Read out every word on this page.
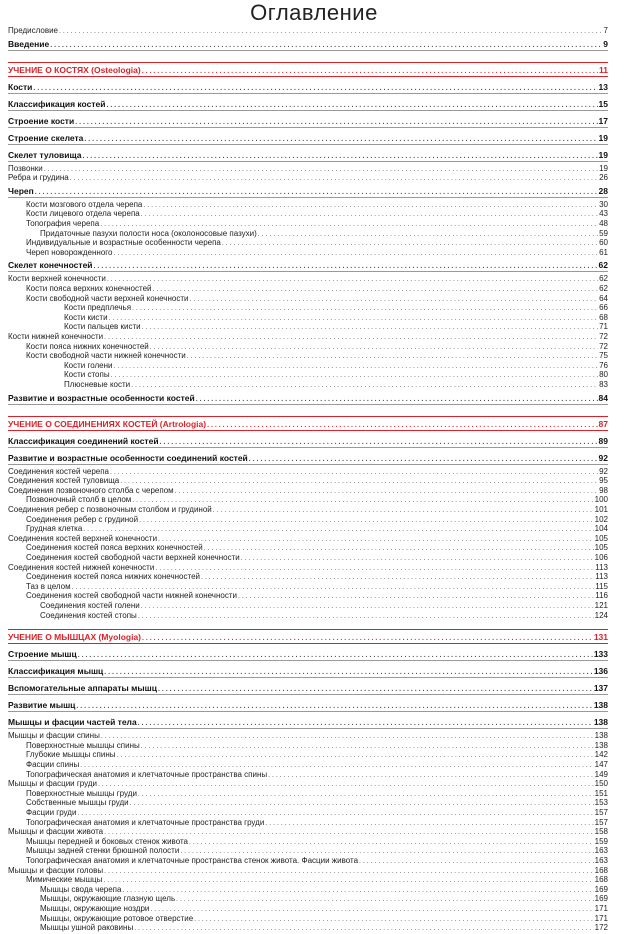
Оглавление
Предисловие . . .	7
Введение . . .	9
УЧЕНИЕ О КОСТЯХ (Osteologia) . . .	11
Кости . . .	13
Классификация костей . . .	15
Строение кости . . .	17
Строение скелета . . .	19
Скелет туловища . . .	19
Позвонки . . .	19
Ребра и грудина . . .	26
Череп . . .	28
Кости мозгового отдела черепа . . .	30
Кости лицевого отдела черепа . . .	43
Топография черепа . . .	48
Придаточные пазухи полости носа (околоносовые пазухи) . . .	59
Индивидуальные и возрастные особенности черепа . . .	60
Череп новорожденного . . .	61
Скелет конечностей . . .	62
Кости верхней конечности . . .	62
Кости пояса верхних конечностей . . .	62
Кости свободной части верхней конечности . . .	64
Кости предплечья . . .	66
Кости кисти . . .	68
Кости пальцев кисти . . .	71
Кости нижней конечности . . .	72
Кости пояса нижних конечностей . . .	72
Кости свободной части нижней конечности . . .	75
Кости голени . . .	76
Кости стопы . . .	80
Плюсневые кости . . .	83
Развитие и возрастные особенности костей . . .	84
УЧЕНИЕ О СОЕДИНЕНИЯХ КОСТЕЙ (Artrologia) . . .	87
Классификация соединений костей . . .	89
Развитие и возрастные особенности соединений костей . . .	92
Соединения костей черепа . . .	92
Соединения костей туловища . . .	95
Соединения позвоночного столба с черепом . . .	98
Позвоночный столб в целом . . .	100
Соединения ребер с позвоночным столбом и грудиной . . .	101
Соединения ребер с грудиной . . .	102
Грудная клетка . . .	104
Соединения костей верхней конечности . . .	105
Соединения костей пояса верхних конечностей . . .	105
Соединения костей свободной части верхней конечности . . .	106
Соединения костей нижней конечности . . .	113
Соединения костей пояса нижних конечностей . . .	113
Таз в целом . . .	115
Соединения костей свободной части нижней конечности . . .	116
Соединения костей голени . . .	121
Соединения костей стопы . . .	124
УЧЕНИЕ О МЫШЦАХ (Myologia) . . .	131
Строение мышц . . .	133
Классификация мышц . . .	136
Вспомогательные аппараты мышц . . .	137
Развитие мышц . . .	138
Мышцы и фасции частей тела . . .	138
Мышцы и фасции спины . . .	138
Поверхностные мышцы спины . . .	138
Глубокие мышцы спины . . .	142
Фасции спины . . .	147
Топографическая анатомия и клетчаточные пространства спины . . .	149
Мышцы и фасции груди . . .	150
Поверхностные мышцы груди . . .	151
Собственные мышцы груди . . .	153
Фасции груди . . .	157
Топографическая анатомия и клетчаточные пространства груди . . .	157
Мышцы и фасции живота . . .	158
Мышцы передней и боковых стенок живота . . .	159
Мышцы задней стенки брюшной полости . . .	163
Топографическая анатомия и клетчаточные пространства стенок живота. Фасции живота . . .	163
Мышцы и фасции головы . . .	168
Мимические мышцы . . .	168
Мышцы свода черепа . . .	169
Мышцы, окружающие глазную щель . . .	169
Мышцы, окружающие ноздри . . .	171
Мышцы, окружающие ротовое отверстие . . .	171
Мышцы ушной раковины . . .	172
